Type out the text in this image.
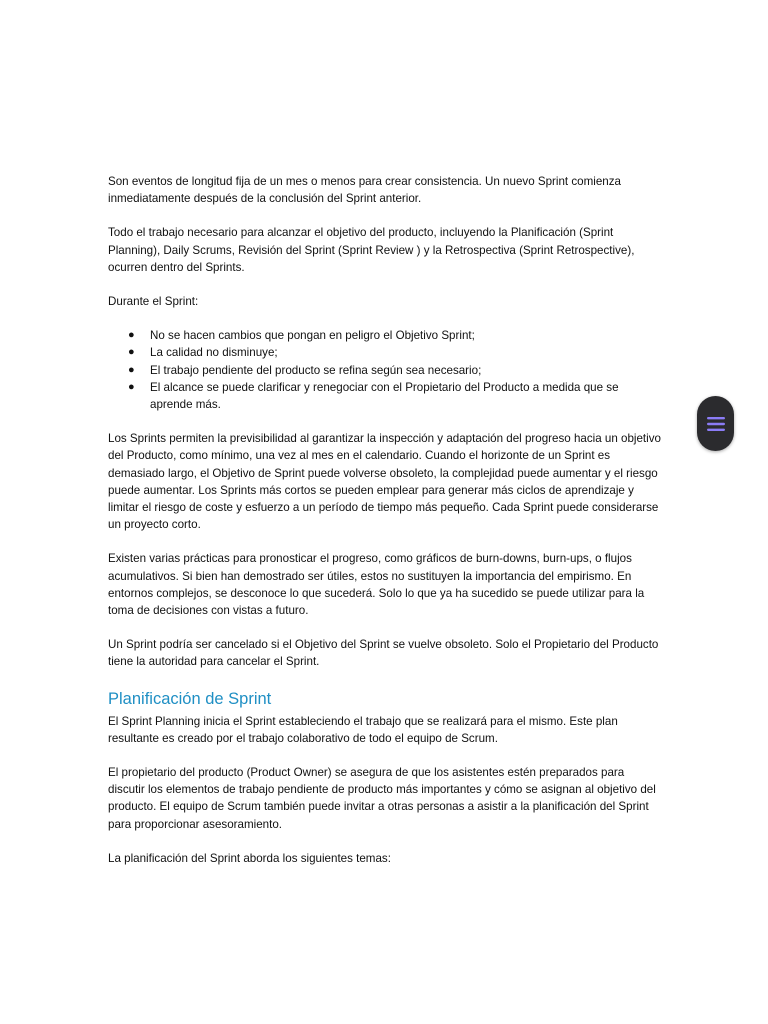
Son eventos de longitud fija de un mes o menos para crear consistencia. Un nuevo Sprint comienza inmediatamente después de la conclusión del Sprint anterior.

Todo el trabajo necesario para alcanzar el objetivo del producto, incluyendo la Planificación (Sprint Planning), Daily Scrums, Revisión del Sprint (Sprint Review ) y la Retrospectiva (Sprint Retrospective), ocurren dentro del Sprints.

Durante el Sprint:

● No se hacen cambios que pongan en peligro el Objetivo Sprint;
● La calidad no disminuye;
● El trabajo pendiente del producto se refina según sea necesario;
● El alcance se puede clarificar y renegociar con el Propietario del Producto a medida que se aprende más.

Los Sprints permiten la previsibilidad al garantizar la inspección y adaptación del progreso hacia un objetivo del Producto, como mínimo, una vez al mes en el calendario. Cuando el horizonte de un Sprint es demasiado largo, el Objetivo de Sprint puede volverse obsoleto, la complejidad puede aumentar y el riesgo puede aumentar. Los Sprints más cortos se pueden emplear para generar más ciclos de aprendizaje y limitar el riesgo de coste y esfuerzo a un período de tiempo más pequeño. Cada Sprint puede considerarse un proyecto corto.

Existen varias prácticas para pronosticar el progreso, como gráficos de burn-downs, burn-ups, o flujos acumulativos. Si bien han demostrado ser útiles, estos no sustituyen la importancia del empirismo. En entornos complejos, se desconoce lo que sucederá. Solo lo que ya ha sucedido se puede utilizar para la toma de decisiones con vistas a futuro.

Un Sprint podría ser cancelado si el Objetivo del Sprint se vuelve obsoleto. Solo el Propietario del Producto tiene la autoridad para cancelar el Sprint.

Planificación de Sprint

El Sprint Planning inicia el Sprint estableciendo el trabajo que se realizará para el mismo. Este plan resultante es creado por el trabajo colaborativo de todo el equipo de Scrum.

El propietario del producto (Product Owner) se asegura de que los asistentes estén preparados para discutir los elementos de trabajo pendiente de producto más importantes y cómo se asignan al objetivo del producto. El equipo de Scrum también puede invitar a otras personas a asistir a la planificación del Sprint para proporcionar asesoramiento.

La planificación del Sprint aborda los siguientes temas:
